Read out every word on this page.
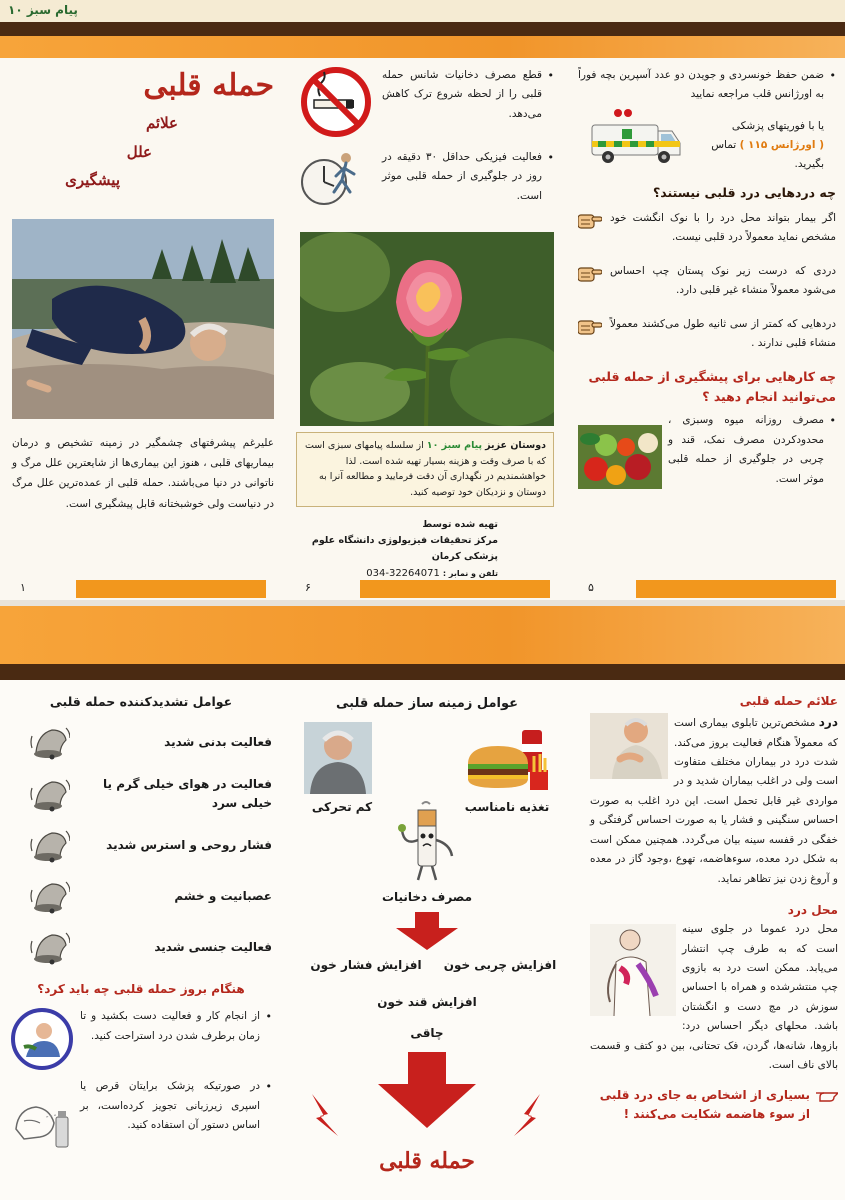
پیام سبز ۱۰
• ضمن حفظ خونسردی و جویدن دو عدد آسپرین بچه فوراً به اورژانس قلب مراجعه نمایید
یا با فوریتهای پزشکی
( اورژانس ۱۱۵ ) تماس بگیرید.
چه دردهایی درد قلبی نیستند؟
اگر بیمار بتواند محل درد را با نوک انگشت خود مشخص نماید معمولاً درد قلبی نیست.
دردی که درست زیر نوک پستان چپ احساس می‌شود معمولاً منشاء غیر قلبی دارد.
دردهایی که کمتر از سی ثانیه طول می‌کشند معمولاً منشاء قلبی ندارند .
چه کارهایی برای پیشگیری از حمله قلبی می‌توانید انجام دهید ؟
• مصرف روزانه میوه وسبزی ، محدودکردن مصرف نمک، قند و چربی در جلوگیری از حمله قلبی موثر است.
• قطع مصرف دخانیات شانس حمله قلبی را از لحظه شروع ترک کاهش می‌دهد.
• فعالیت فیزیکی حداقل ۳۰ دقیقه در روز در جلوگیری از حمله قلبی موثر است.
دوستان عزیز پیام سبز ۱۰ از سلسله پیامهای سبزی است که با صرف وقت و هزینه بسیار تهیه شده است. لذا خواهشمندیم در نگهداری آن دقت فرمایید و مطالعه آنرا به دوستان و نزدیکان خود توصیه کنید.
تهیه شده توسط
مرکز تحقیقات فیزیولوژی دانشگاه علوم پزشکی کرمان
تلفن و نمابر : 034-32264071
حمله قلبی
علائم
علل
پیشگیری
علیرغم پیشرفتهای چشمگیر در زمینه تشخیص و درمان بیماریهای قلبی ، هنوز این بیماری‌ها از شایعترین علل مرگ و ناتوانی در دنیا می‌باشند. حمله قلبی از عمده‌ترین علل مرگ در دنیاست ولی خوشبختانه قابل پیشگیری است.
۵
۶
۱
علائم حمله قلبی
درد مشخص‌ترین تابلوی بیماری است که معمولاً هنگام فعالیت بروز می‌کند. شدت درد در بیماران مختلف متفاوت است ولی در اغلب بیماران شدید و در مواردی غیر قابل تحمل است. این درد اغلب به صورت احساس سنگینی و فشار یا به صورت احساس گرفتگی و خفگی در قفسه سینه بیان می‌گردد. همچنین ممکن است به شکل درد معده، سوء‌هاضمه، تهوع ،وجود گاز در معده و آروغ زدن نیز تظاهر نماید.
محل درد
محل درد عموما در جلوی سینه است که به طرف چپ انتشار می‌یابد. ممکن است درد به بازوی چپ منتشرشده و همراه با احساس سوزش در مچ دست و انگشتان باشد. محلهای دیگر احساس درد: بازوها، شانه‌ها، گردن، فک تحتانی، بین دو کتف و قسمت بالای ناف است.
بسیاری از اشخاص به جای درد قلبی از سوء هاضمه شکایت می‌کنند !
عوامل زمینه ساز حمله قلبی
کم تحرکی	تغذیه نامناسب
مصرف دخانیات
افزایش چربی خون
افزایش فشار خون
افزایش قند خون
چاقی
حمله قلبی
عوامل تشدیدکننده حمله قلبی
فعالیت بدنی شدید
فعالیت در هوای خیلی گرم یا خیلی سرد
فشار روحی و استرس شدید
عصبانیت و خشم
فعالیت جنسی شدید
هنگام بروز حمله قلبی چه باید کرد؟
• از انجام کار و فعالیت دست بکشید و تا زمان برطرف شدن درد استراحت کنید.
• در صورتیکه پزشک برایتان قرص یا اسپری زیرزبانی تجویز کرده‌است، بر اساس دستور آن استفاده کنید.
